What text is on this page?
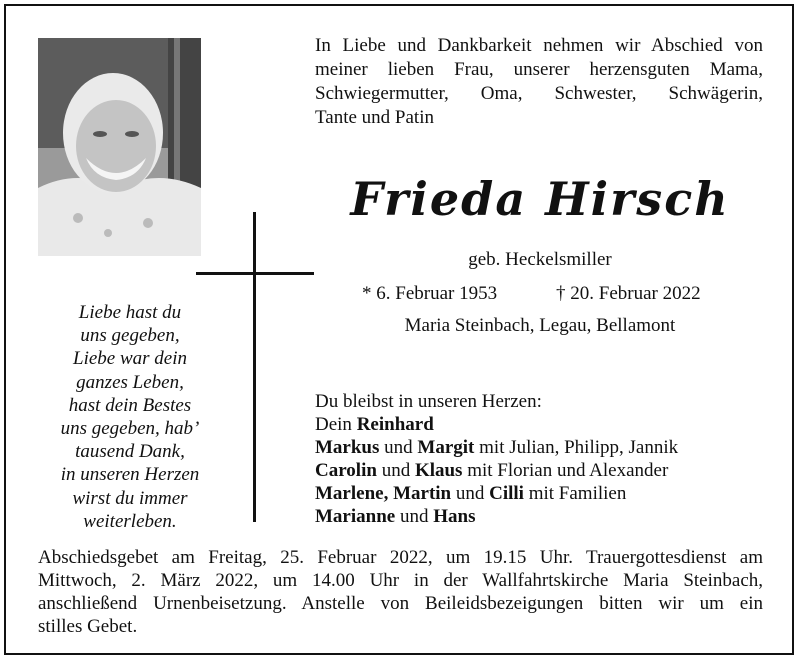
In Liebe und Dankbarkeit nehmen wir Abschied von
meiner lieben Frau, unserer herzensguten Mama,
Schwiegermutter, Oma, Schwester, Schwägerin,
Tante und Patin
Frieda Hirsch
geb. Heckelsmiller
* 6. Februar 1953	† 20. Februar 2022
Maria Steinbach, Legau, Bellamont
Liebe hast du
uns gegeben,
Liebe war dein
ganzes Leben,
hast dein Bestes
uns gegeben, hab’
tausend Dank,
in unseren Herzen
wirst du immer
weiterleben.
Du bleibst in unseren Herzen:
Dein Reinhard
Markus und Margit mit Julian, Philipp, Jannik
Carolin und Klaus mit Florian und Alexander
Marlene, Martin und Cilli mit Familien
Marianne und Hans
Abschiedsgebet am Freitag, 25. Februar 2022, um 19.15 Uhr. Trauergottesdienst am
Mittwoch, 2. März 2022, um 14.00 Uhr in der Wallfahrtskirche Maria Steinbach,
anschließend Urnenbeisetzung. Anstelle von Beileidsbezeigungen bitten wir um ein
stilles Gebet.
